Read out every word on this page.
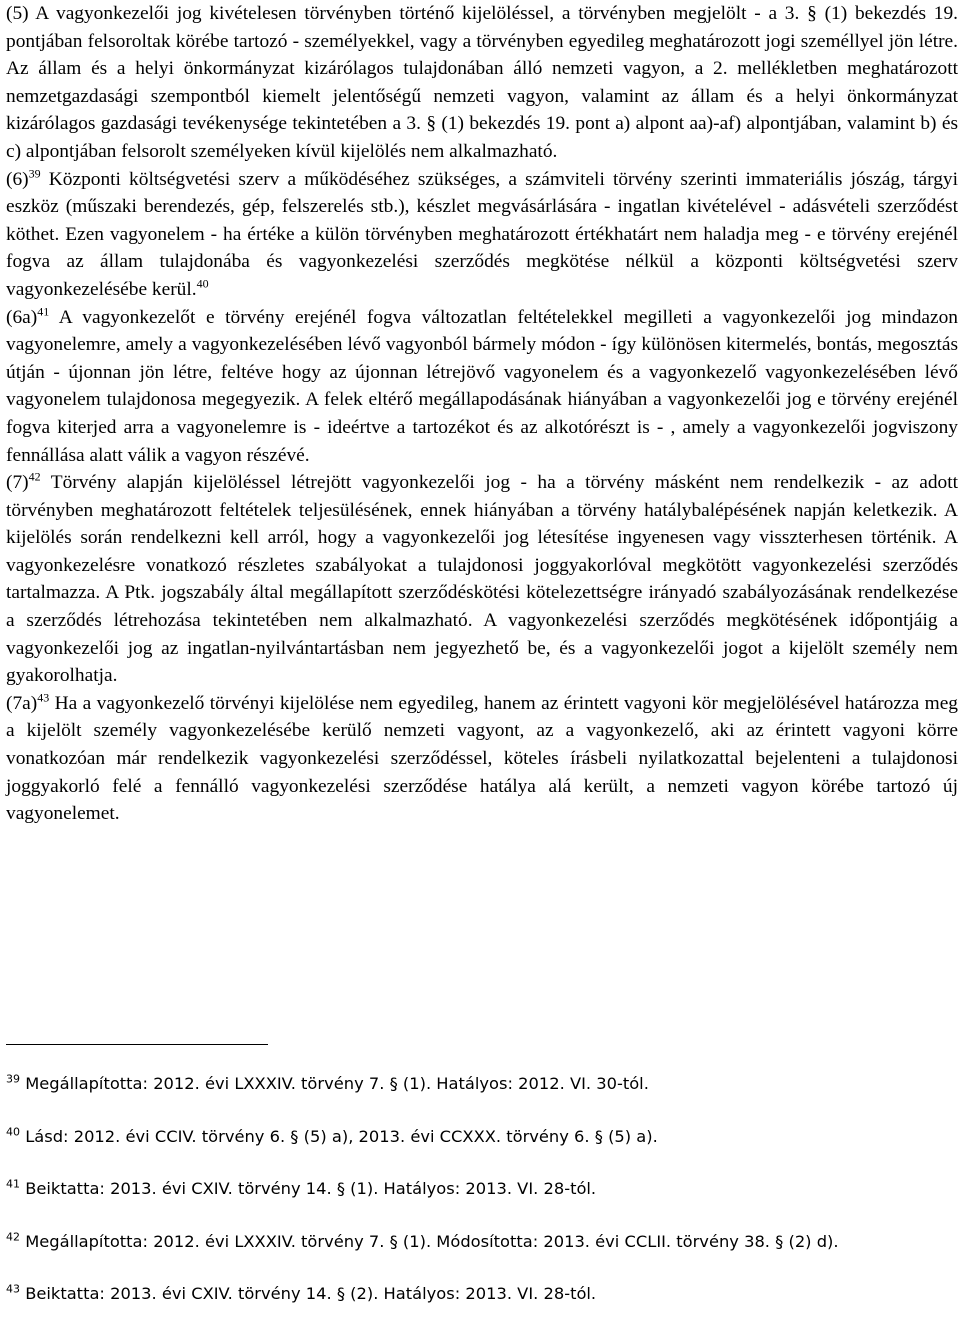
(5) A vagyonkezelői jog kivételesen törvényben történő kijelöléssel, a törvényben megjelölt - a 3. § (1) bekezdés 19. pontjában felsoroltak körébe tartozó - személyekkel, vagy a törvényben egyedileg meghatározott jogi személlyel jön létre. Az állam és a helyi önkormányzat kizárólagos tulajdonában álló nemzeti vagyon, a 2. mellékletben meghatározott nemzetgazdasági szempontból kiemelt jelentőségű nemzeti vagyon, valamint az állam és a helyi önkormányzat kizárólagos gazdasági tevékenysége tekintetében a 3. § (1) bekezdés 19. pont a) alpont aa)-af) alpontjában, valamint b) és c) alpontjában felsorolt személyeken kívül kijelölés nem alkalmazható.

$(6)^{39}$ Központi költségvetési szerv a működéséhez szükséges, a számviteli törvény szerinti immateriális jószág, tárgyi eszköz (műszaki berendezés, gép, felszerelés stb.), készlet megvásárlására - ingatlan kivételével - adásvételi szerződést köthet. Ezen vagyonelem - ha értéke a külön törvényben meghatározott értékhatárt nem haladja meg - e törvény erejénél fogva az állam tulajdonába és vagyonkezelési szerződés megkötése nélkül a központi költségvetési szerv vagyonkezelésébe kerül.$^{40}$

$(6a)^{41}$ A vagyonkezelőt e törvény erejénél fogva változatlan feltételekkel megilleti a vagyonkezelői jog mindazon vagyonelemre, amely a vagyonkezelésében lévő vagyonból bármely módon - így különösen kitermelés, bontás, megosztás útján - újonnan jön létre, feltéve hogy az újonnan létrejövő vagyonelem és a vagyonkezelő vagyonkezelésében lévő vagyonelem tulajdonosa megegyezik. A felek eltérő megállapodásának hiányában a vagyonkezelői jog e törvény erejénél fogva kiterjed arra a vagyonelemre is - ideértve a tartozékot és az alkotórészt is - , amely a vagyonkezelői jogviszony fennállása alatt válik a vagyon részévé.

$(7)^{42}$ Törvény alapján kijelöléssel létrejött vagyonkezelői jog - ha a törvény másként nem rendelkezik - az adott törvényben meghatározott feltételek teljesülésének, ennek hiányában a törvény hatálybalépésének napján keletkezik. A kijelölés során rendelkezni kell arról, hogy a vagyonkezelői jog létesítése ingyenesen vagy visszterhesen történik. A vagyonkezelésre vonatkozó részletes szabályokat a tulajdonosi joggyakorlóval megkötött vagyonkezelési szerződés tartalmazza. A Ptk. jogszabály által megállapított szerződéskötési kötelezettségre irányadó szabályozásának rendelkezése a szerződés létrehozása tekintetében nem alkalmazható. A vagyonkezelési szerződés megkötésének időpontjáig a vagyonkezelői jog az ingatlan-nyilvántartásban nem jegyezhető be, és a vagyonkezelői jogot a kijelölt személy nem gyakorolhatja.

$(7a)^{43}$ Ha a vagyonkezelő törvényi kijelölése nem egyedileg, hanem az érintett vagyoni kör megjelölésével határozza meg a kijelölt személy vagyonkezelésébe kerülő nemzeti vagyont, az a vagyonkezelő, aki az érintett vagyoni körre vonatkozóan már rendelkezik vagyonkezelési szerződéssel, köteles írásbeli nyilatkozattal bejelenteni a tulajdonosi joggyakorló felé a fennálló vagyonkezelési szerződése hatálya alá került, a nemzeti vagyon körébe tartozó új vagyonelemet.

$^{39}$ Megállapította: 2012. évi LXXXIV. törvény 7. § (1). Hatályos: 2012. VI. 30-tól.

$^{40}$ Lásd: 2012. évi CCIV. törvény 6. § (5) a), 2013. évi CCXXX. törvény 6. § (5) a).

$^{41}$ Beiktatta: 2013. évi CXIV. törvény 14. § (1). Hatályos: 2013. VI. 28-tól.

$^{42}$ Megállapította: 2012. évi LXXXIV. törvény 7. § (1). Módosította: 2013. évi CCLII. törvény 38. § (2) d).

$^{43}$ Beiktatta: 2013. évi CXIV. törvény 14. § (2). Hatályos: 2013. VI. 28-tól.
